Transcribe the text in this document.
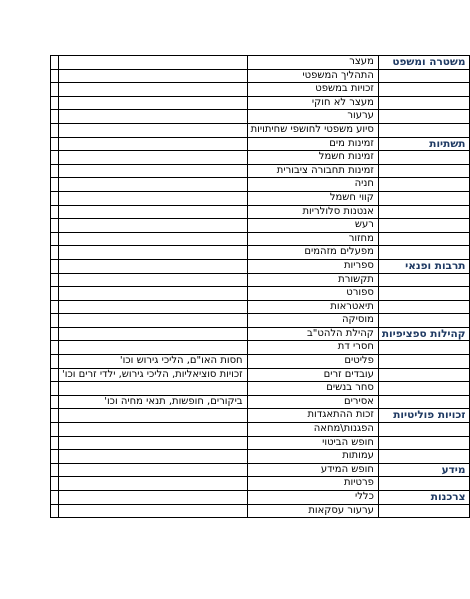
משטרה ומשפט	מעצר		
	התהליך המשפטי		
	זכויות במשפט		
	מעצר לא חוקי		
	ערעור		
	סיוע משפטי לחושפי שחיתויות		
תשתיות	זמינות מים		
	זמינות חשמל		
	זמינות תחבורה ציבורית		
	חניה		
	קווי חשמל		
	אנטנות סלולריות		
	רעש		
	מחזור		
	מפעלים מזהמים		
תרבות ופנאי	ספריות		
	תקשורת		
	ספורט		
	תיאטראות		
	מוסיקה		
קהילות ספציפיות	קהילת הלהט"ב		
	חסרי דת		
	פליטים	חסות האו"ם, הליכי גירוש וכו'	
	עובדים זרים	זכויות סוציאליות, הליכי גירוש, ילדי זרים וכו'	
	סחר בנשים		
	אסירים	ביקורים, חופשות, תנאי מחיה וכו'	
זכויות פוליטיות	זכות ההתאגדות		
	הפגנות\מחאה		
	חופש הביטוי		
	עמותות		
מידע	חופש המידע		
	פרטיות		
צרכנות	כללי		
	ערעור עסקאות		
